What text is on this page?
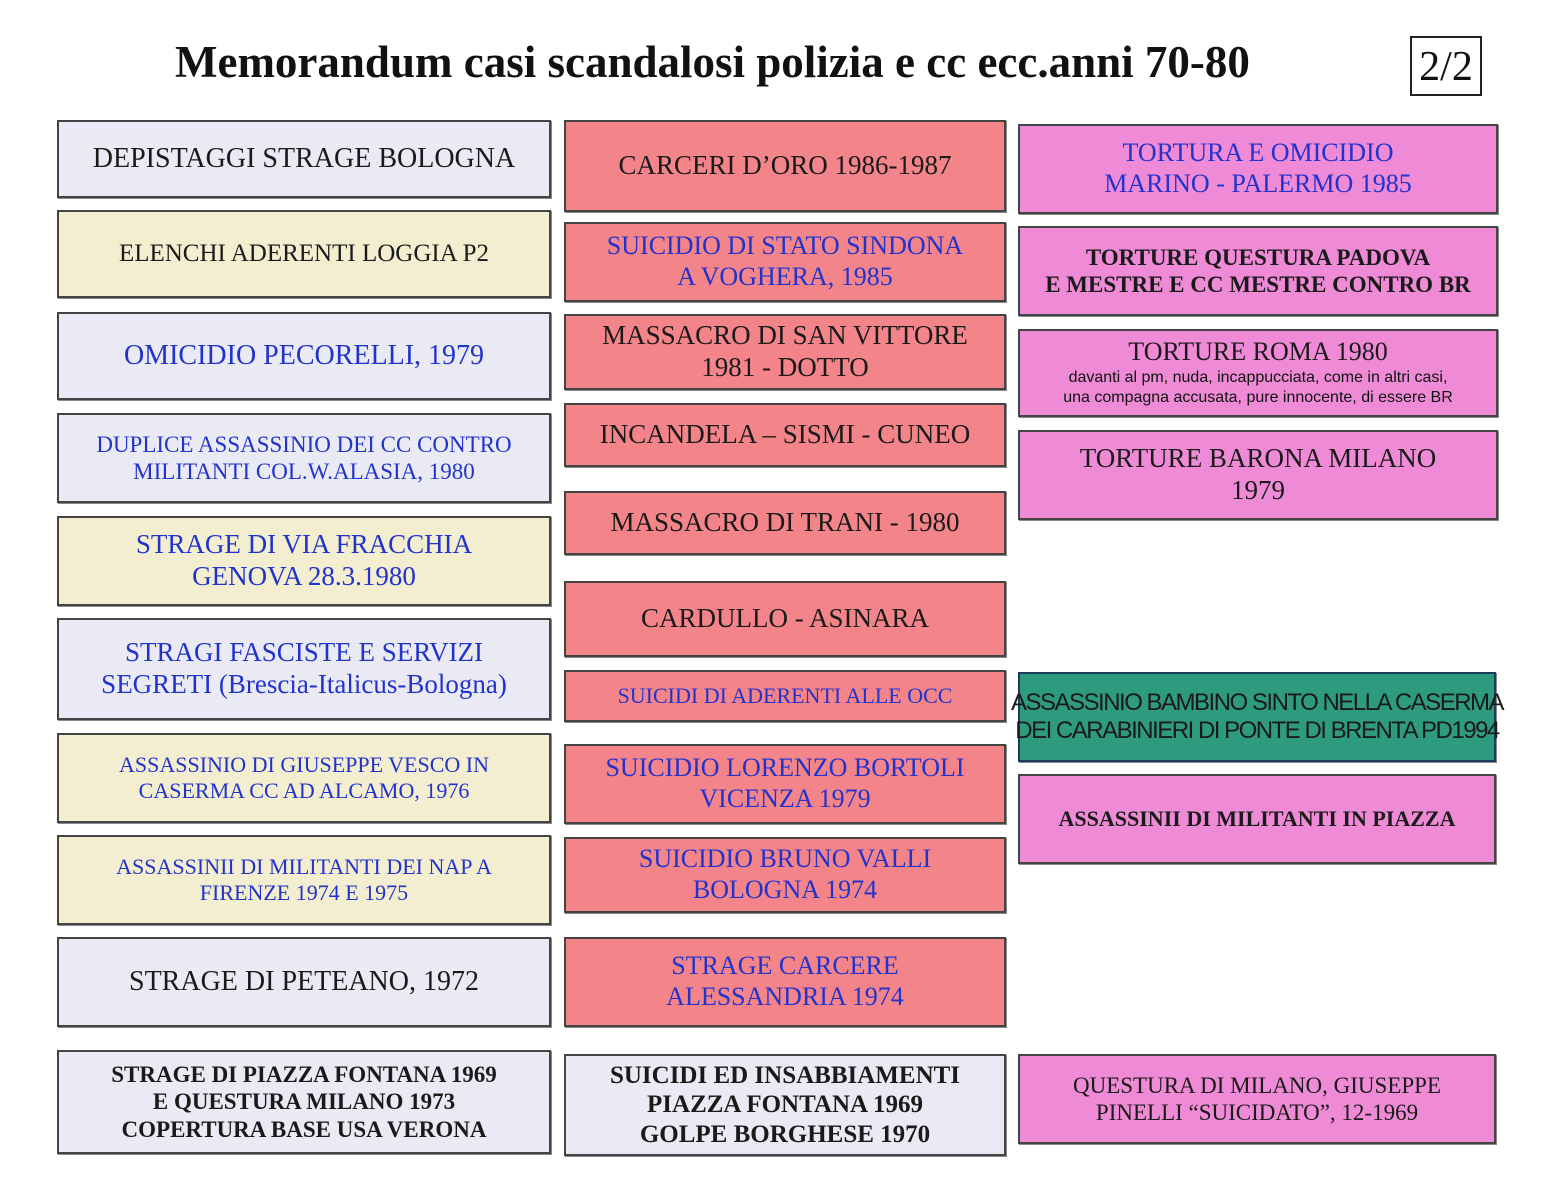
Memorandum casi scandalosi polizia e cc ecc.anni 70-80	2/2
DEPISTAGGI STRAGE BOLOGNA
ELENCHI ADERENTI LOGGIA P2
OMICIDIO PECORELLI, 1979
DUPLICE ASSASSINIO DEI CC CONTRO
MILITANTI COL.W.ALASIA, 1980
STRAGE DI VIA FRACCHIA
GENOVA 28.3.1980
STRAGI FASCISTE E SERVIZI
SEGRETI (Brescia-Italicus-Bologna)
ASSASSINIO DI GIUSEPPE VESCO IN
CASERMA CC AD ALCAMO, 1976
ASSASSINII DI MILITANTI DEI NAP A
FIRENZE 1974 E 1975
STRAGE DI PETEANO, 1972
STRAGE DI PIAZZA FONTANA 1969
E QUESTURA MILANO 1973
COPERTURA BASE USA VERONA
CARCERI D’ORO 1986-1987
SUICIDIO DI STATO SINDONA
A VOGHERA, 1985
MASSACRO DI SAN VITTORE
1981 - DOTTO
INCANDELA – SISMI - CUNEO
MASSACRO DI TRANI - 1980
CARDULLO - ASINARA
SUICIDI DI ADERENTI ALLE OCC
SUICIDIO LORENZO BORTOLI
VICENZA 1979
SUICIDIO BRUNO VALLI
BOLOGNA 1974
STRAGE CARCERE
ALESSANDRIA 1974
SUICIDI ED INSABBIAMENTI
PIAZZA FONTANA 1969
GOLPE BORGHESE 1970
TORTURA E OMICIDIO
MARINO - PALERMO 1985
TORTURE QUESTURA PADOVA
E MESTRE E CC MESTRE CONTRO BR
TORTURE ROMA 1980
davanti al pm, nuda, incappucciata, come in altri casi,
una compagna accusata, pure innocente, di essere BR
TORTURE BARONA MILANO
1979
ASSASSINIO BAMBINO SINTO NELLA CASERMA
DEI CARABINIERI DI PONTE DI BRENTA PD1994
ASSASSINII DI MILITANTI IN PIAZZA
QUESTURA DI MILANO, GIUSEPPE
PINELLI “SUICIDATO”, 12-1969
